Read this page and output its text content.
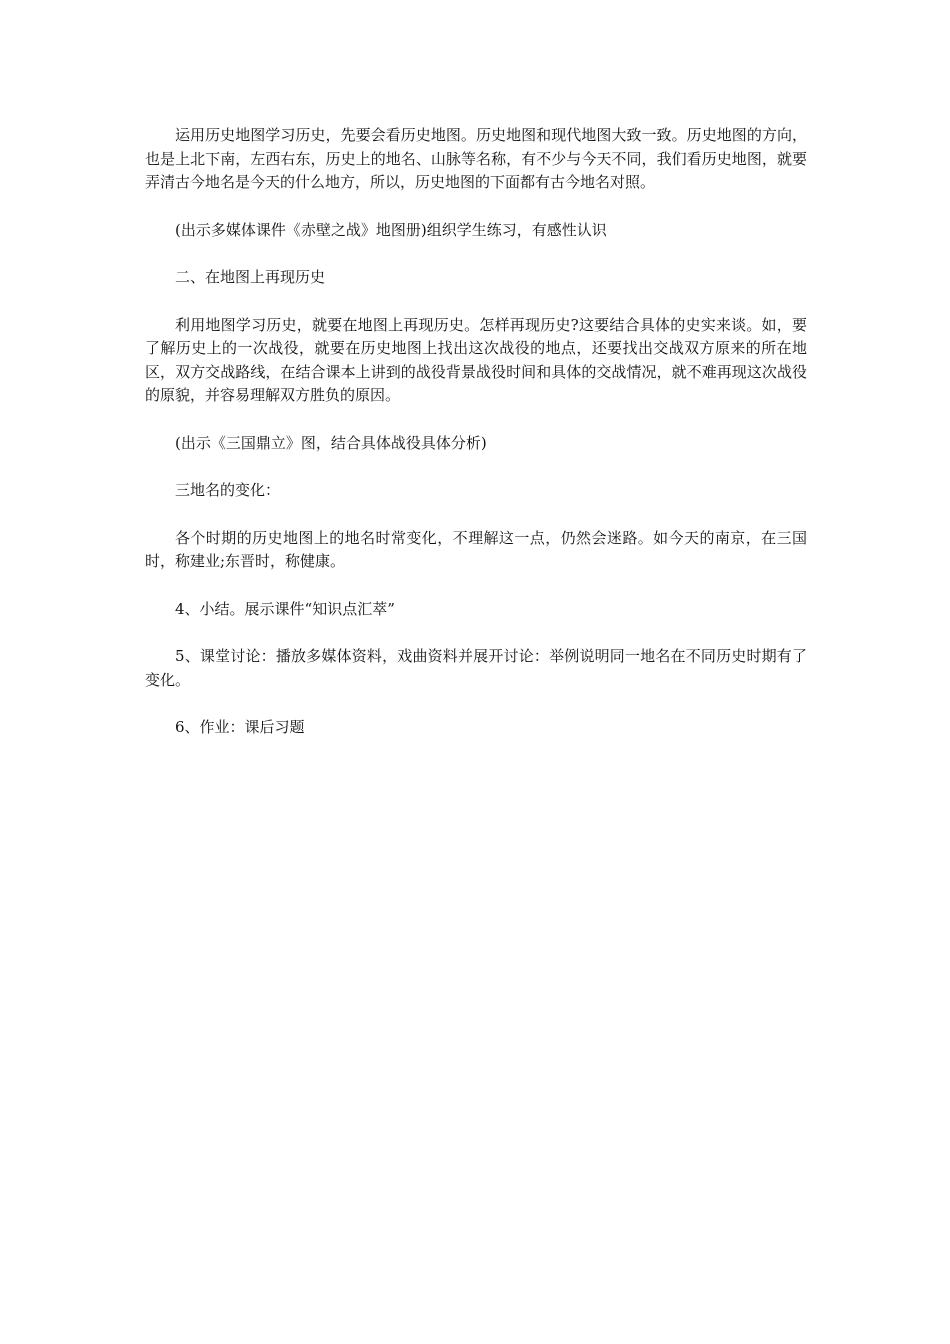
运用历史地图学习历史，先要会看历史地图。历史地图和现代地图大致一致。历史地图的方向，也是上北下南，左西右东，历史上的地名、山脉等名称，有不少与今天不同，我们看历史地图，就要弄清古今地名是今天的什么地方，所以，历史地图的下面都有古今地名对照。

(出示多媒体课件《赤壁之战》地图册)组织学生练习，有感性认识

二、在地图上再现历史

利用地图学习历史，就要在地图上再现历史。怎样再现历史?这要结合具体的史实来谈。如，要了解历史上的一次战役，就要在历史地图上找出这次战役的地点，还要找出交战双方原来的所在地区，双方交战路线，在结合课本上讲到的战役背景战役时间和具体的交战情况，就不难再现这次战役的原貌，并容易理解双方胜负的原因。

(出示《三国鼎立》图，结合具体战役具体分析)

三地名的变化：

各个时期的历史地图上的地名时常变化，不理解这一点，仍然会迷路。如今天的南京，在三国时，称建业;东晋时，称健康。

4、小结。展示课件“知识点汇萃”

5、课堂讨论：播放多媒体资料，戏曲资料并展开讨论：举例说明同一地名在不同历史时期有了变化。

6、作业：课后习题
